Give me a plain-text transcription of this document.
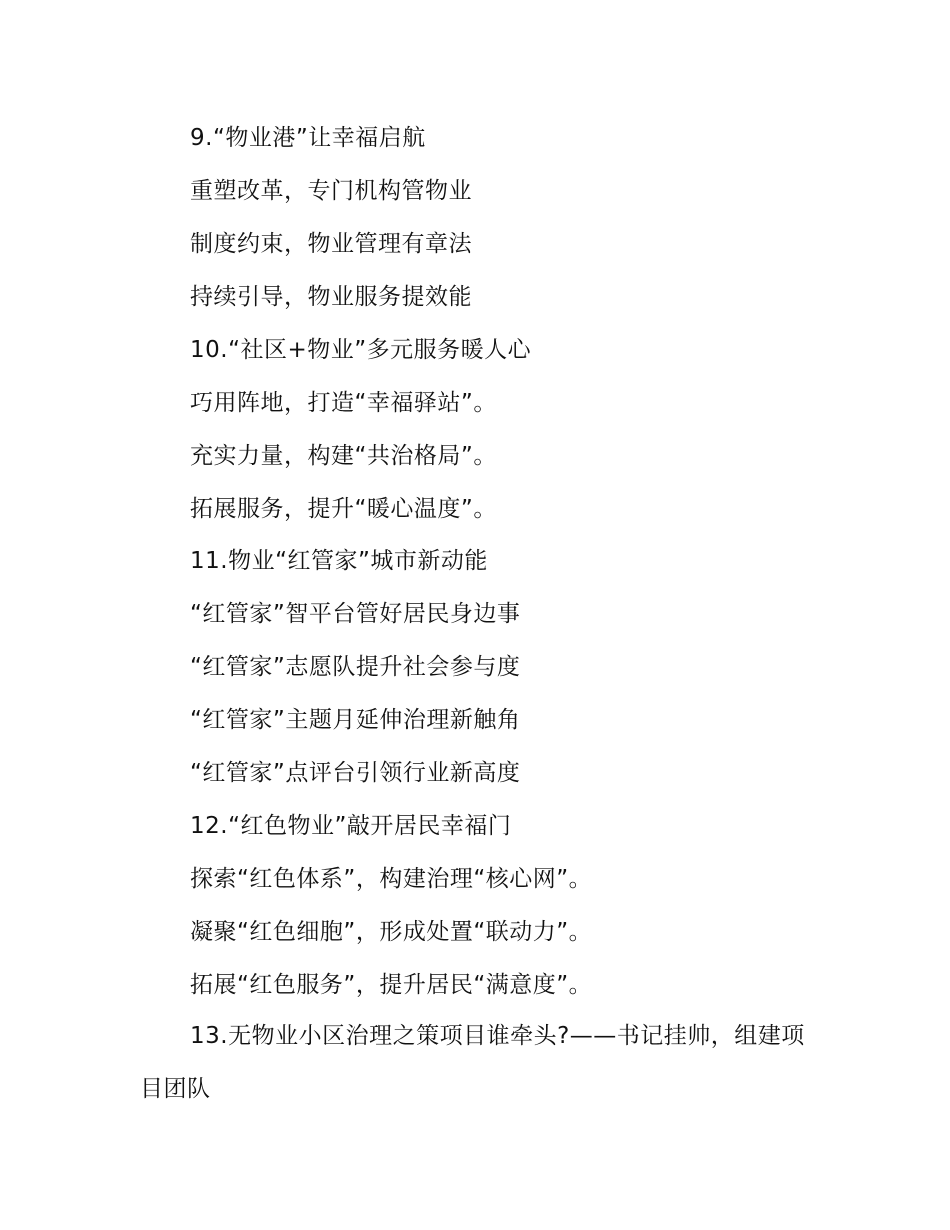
9.“物业港”让幸福启航
重塑改革，专门机构管物业
制度约束，物业管理有章法
持续引导，物业服务提效能
10.“社区+物业”多元服务暖人心
巧用阵地，打造“幸福驿站”。
充实力量，构建“共治格局”。
拓展服务，提升“暖心温度”。
11.物业“红管家”城市新动能
“红管家”智平台管好居民身边事
“红管家”志愿队提升社会参与度
“红管家”主题月延伸治理新触角
“红管家”点评台引领行业新高度
12.“红色物业”敲开居民幸福门
探索“红色体系”，构建治理“核心网”。
凝聚“红色细胞”，形成处置“联动力”。
拓展“红色服务”，提升居民“满意度”。
13.无物业小区治理之策项目谁牵头?——书记挂帅，组建项目团队
